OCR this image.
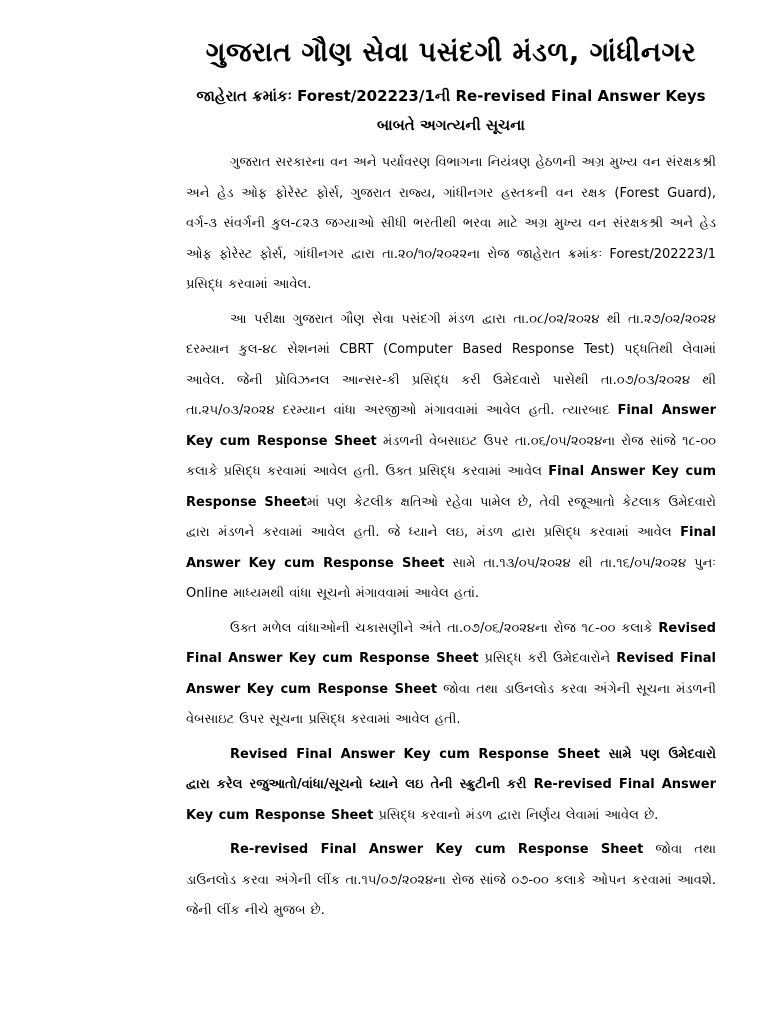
ગુજરાત ગૌણ સેવા પસંદગી મંડળ, ગાંધીનગર
જાહેરાત ક્રમાંકઃ Forest/202223/1ની Re-revised Final Answer Keys
બાબતે અગત્યની સૂચના

ગુજરાત સરકારના વન અને પર્યાવરણ વિભાગના નિયંત્રણ હેઠળની અગ્ર મુખ્ય વન સંરક્ષકશ્રી અને હેડ ઓફ ફોરેસ્ટ ફોર્સ, ગુજરાત રાજ્ય, ગાંધીનગર હસ્તકની વન રક્ષક (Forest Guard), વર્ગ-૩ સંવર્ગની કુલ-૮૨૩ જગ્યાઓ સીધી ભરતીથી ભરવા માટે અગ્ર મુખ્ય વન સંરક્ષકશ્રી અને હેડ ઓફ ફોરેસ્ટ ફોર્સ, ગાંધીનગર દ્વારા તા.૨૦/૧૦/૨૦૨૨ના રોજ જાહેરાત ક્રમાંકઃ Forest/202223/1 પ્રસિદ્ધ કરવામાં આવેલ.

આ પરીક્ષા ગુજરાત ગૌણ સેવા પસંદગી મંડળ દ્વારા તા.૦૮/૦૨/૨૦૨૪ થી તા.૨૭/૦૨/૨૦૨૪ દરમ્યાન કુલ-૪૮ સેશનમાં CBRT (Computer Based Response Test) પદ્ધતિથી લેવામાં આવેલ. જેની પ્રોવિઝનલ આન્સર-કી પ્રસિદ્ધ કરી ઉમેદવારો પાસેથી તા.૦૭/૦૩/૨૦૨૪ થી તા.૨૫/૦૩/૨૦૨૪ દરમ્યાન વાંધા અરજીઓ મંગાવવામાં આવેલ હતી. ત્યારબાદ Final Answer Key cum Response Sheet મંડળની વેબસાઇટ ઉપર તા.૦૬/૦૫/૨૦૨૪ના રોજ સાંજે ૧૮-૦૦ કલાકે પ્રસિદ્ધ કરવામાં આવેલ હતી. ઉક્ત પ્રસિદ્ધ કરવામાં આવેલ Final Answer Key cum Response Sheetમાં પણ કેટલીક ક્ષતિઓ રહેવા પામેલ છે, તેવી રજૂઆતો કેટલાક ઉમેદવારો દ્વારા મંડળને કરવામાં આવેલ હતી. જે ધ્યાને લઇ, મંડળ દ્વારા પ્રસિદ્ધ કરવામાં આવેલ Final Answer Key cum Response Sheet સામે તા.૧૩/૦૫/૨૦૨૪ થી તા.૧૬/૦૫/૨૦૨૪ પુનઃ Online માધ્યમથી વાંધા સૂચનો મંગાવવામાં આવેલ હતાં.

ઉક્ત મળેલ વાંધાઓની ચકાસણીને અંતે તા.૦૭/૦૬/૨૦૨૪ના રોજ ૧૮-૦૦ કલાકે Revised Final Answer Key cum Response Sheet પ્રસિદ્ધ કરી ઉમેદવારોને Revised Final Answer Key cum Response Sheet જોવા તથા ડાઉનલોડ કરવા અંગેની સૂચના મંડળની વેબસાઇટ ઉપર સૂચના પ્રસિદ્ધ કરવામાં આવેલ હતી.

Revised Final Answer Key cum Response Sheet સામે પણ ઉમેદવારો દ્વારા કરેલ રજુઆતો/વાંધા/સૂચનો ધ્યાને લઇ તેની સ્ક્રુટીની કરી Re-revised Final Answer Key cum Response Sheet પ્રસિદ્ધ કરવાનો મંડળ દ્વારા નિર્ણય લેવામાં આવેલ છે.

Re-revised Final Answer Key cum Response Sheet જોવા તથા ડાઉનલોડ કરવા અંગેની લીંક તા.૧૫/૦૭/૨૦૨૪ના રોજ સાંજે ૦૭-૦૦ કલાકે ઓપન કરવામાં આવશે. જેની લીંક નીચે મુજબ છે.
